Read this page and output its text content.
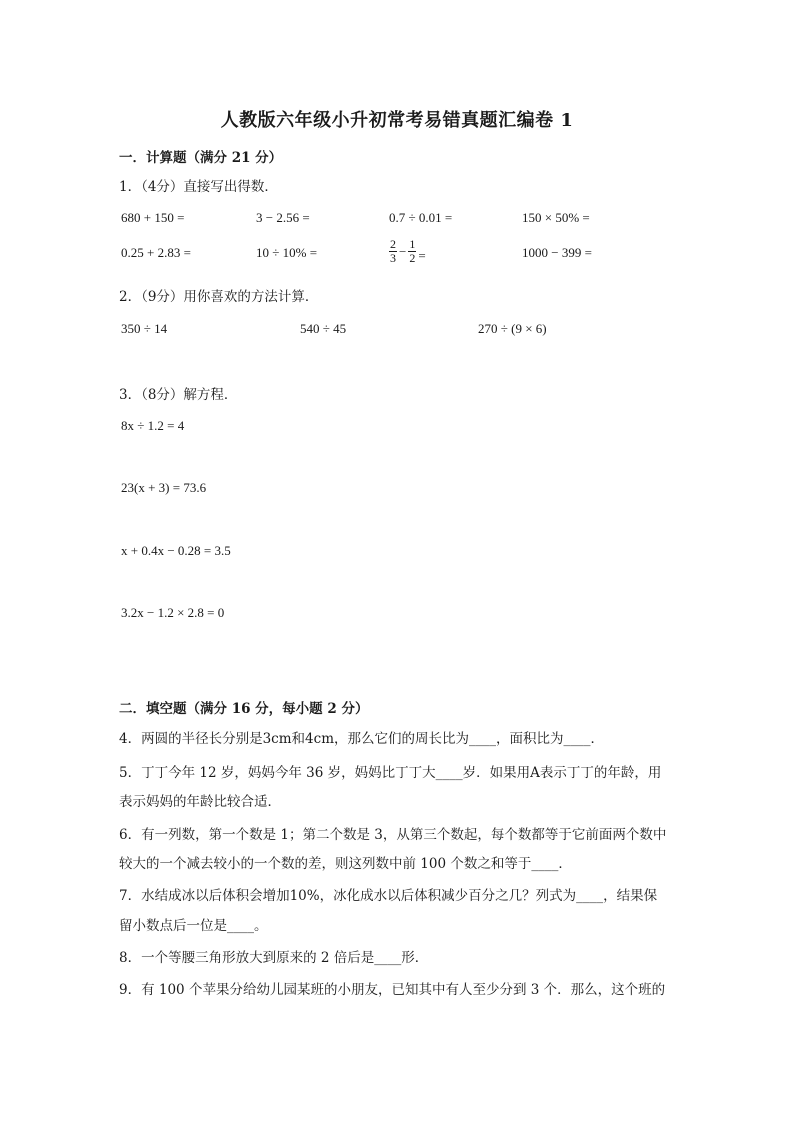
人教版六年级小升初常考易错真题汇编卷 1
一．计算题（满分 21 分）
1．（4分）直接写出得数．
680 + 150 =	3 − 2.56 =	0.7 ÷ 0.01 =	150 × 50% =
0.25 + 2.83 =	10 ÷ 10% =	$\frac{2}{3} - \frac{1}{2}$ =	1000 − 399 =
2．（9分）用你喜欢的方法计算．
350 ÷ 14	540 ÷ 45	270 ÷ (9 × 6)
3．（8分）解方程．
8x ÷ 1.2 = 4
23(x + 3) = 73.6
x + 0.4x − 0.28 = 3.5
3.2x − 1.2 × 2.8 = 0
二．填空题（满分 16 分，每小题 2 分）
4．两圆的半径长分别是3cm和4cm，那么它们的周长比为____，面积比为____．
5．丁丁今年 12 岁，妈妈今年 36 岁，妈妈比丁丁大____岁．如果用A表示丁丁的年龄，用
表示妈妈的年龄比较合适．
6．有一列数，第一个数是 1；第二个数是 3，从第三个数起，每个数都等于它前面两个数中
较大的一个减去较小的一个数的差，则这列数中前 100 个数之和等于____．
7．水结成冰以后体积会增加10%，冰化成水以后体积减少百分之几？列式为____，结果保
留小数点后一位是____。
8．一个等腰三角形放大到原来的 2 倍后是____形．
9．有 100 个苹果分给幼儿园某班的小朋友，已知其中有人至少分到 3 个．那么，这个班的
